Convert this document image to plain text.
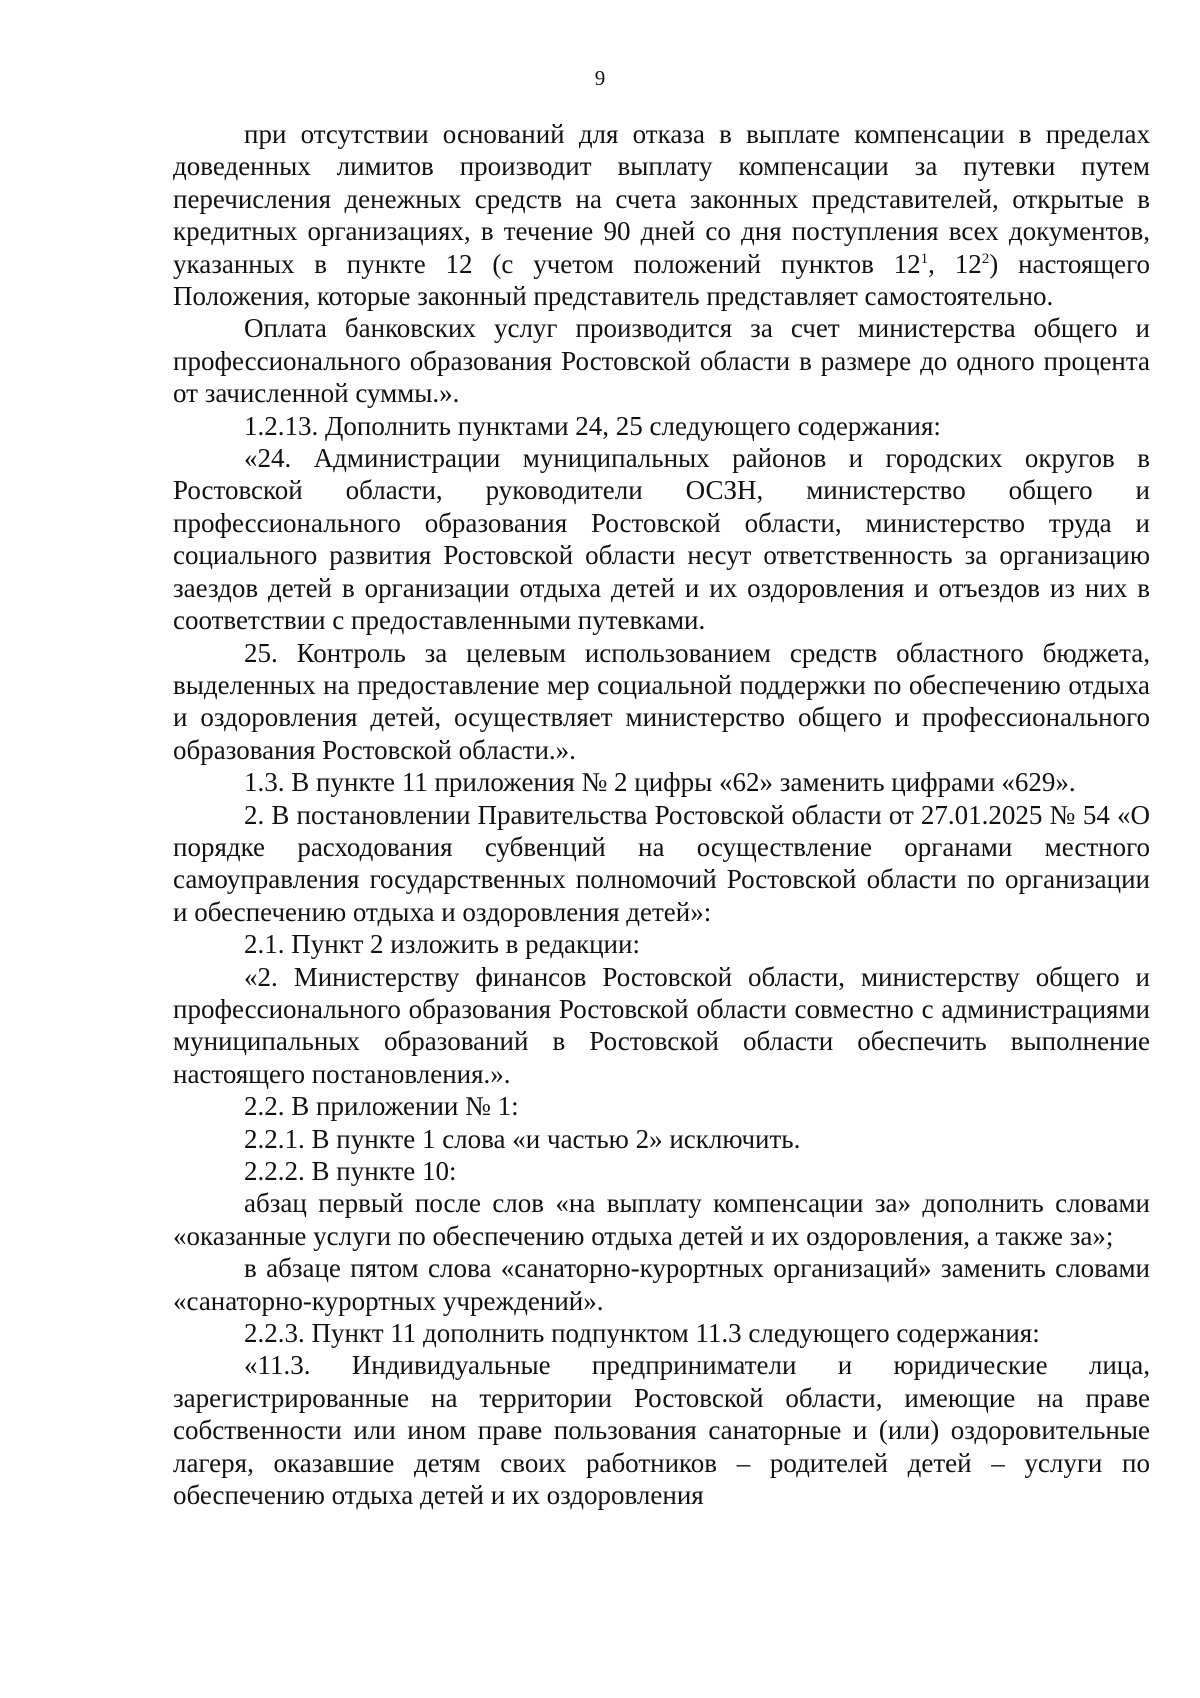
9

при отсутствии оснований для отказа в выплате компенсации в пределах доведенных лимитов производит выплату компенсации за путевки путем перечисления денежных средств на счета законных представителей, открытые в кредитных организациях, в течение 90 дней со дня поступления всех документов, указанных в пункте 12 (с учетом положений пунктов $12^1$, $12^2$) настоящего Положения, которые законный представитель представляет самостоятельно.

Оплата банковских услуг производится за счет министерства общего и профессионального образования Ростовской области в размере до одного процента от зачисленной суммы.».

1.2.13. Дополнить пунктами 24, 25 следующего содержания:

«24. Администрации муниципальных районов и городских округов в Ростовской области, руководители ОСЗН, министерство общего и профессионального образования Ростовской области, министерство труда и социального развития Ростовской области несут ответственность за организацию заездов детей в организации отдыха детей и их оздоровления и отъездов из них в соответствии с предоставленными путевками.

25. Контроль за целевым использованием средств областного бюджета, выделенных на предоставление мер социальной поддержки по обеспечению отдыха и оздоровления детей, осуществляет министерство общего и профессионального образования Ростовской области.».

1.3. В пункте 11 приложения № 2 цифры «62» заменить цифрами «629».

2. В постановлении Правительства Ростовской области от 27.01.2025 № 54 «О порядке расходования субвенций на осуществление органами местного самоуправления государственных полномочий Ростовской области по организации и обеспечению отдыха и оздоровления детей»:

2.1. Пункт 2 изложить в редакции:

«2. Министерству финансов Ростовской области, министерству общего и профессионального образования Ростовской области совместно с администрациями муниципальных образований в Ростовской области обеспечить выполнение настоящего постановления.».

2.2. В приложении № 1:

2.2.1. В пункте 1 слова «и частью 2» исключить.

2.2.2. В пункте 10:

абзац первый после слов «на выплату компенсации за» дополнить словами «оказанные услуги по обеспечению отдыха детей и их оздоровления, а также за»;

в абзаце пятом слова «санаторно-курортных организаций» заменить словами «санаторно-курортных учреждений».

2.2.3. Пункт 11 дополнить подпунктом 11.3 следующего содержания:

«11.3. Индивидуальные предприниматели и юридические лица, зарегистрированные на территории Ростовской области, имеющие на праве собственности или ином праве пользования санаторные и (или) оздоровительные лагеря, оказавшие детям своих работников – родителей детей – услуги по обеспечению отдыха детей и их оздоровления
